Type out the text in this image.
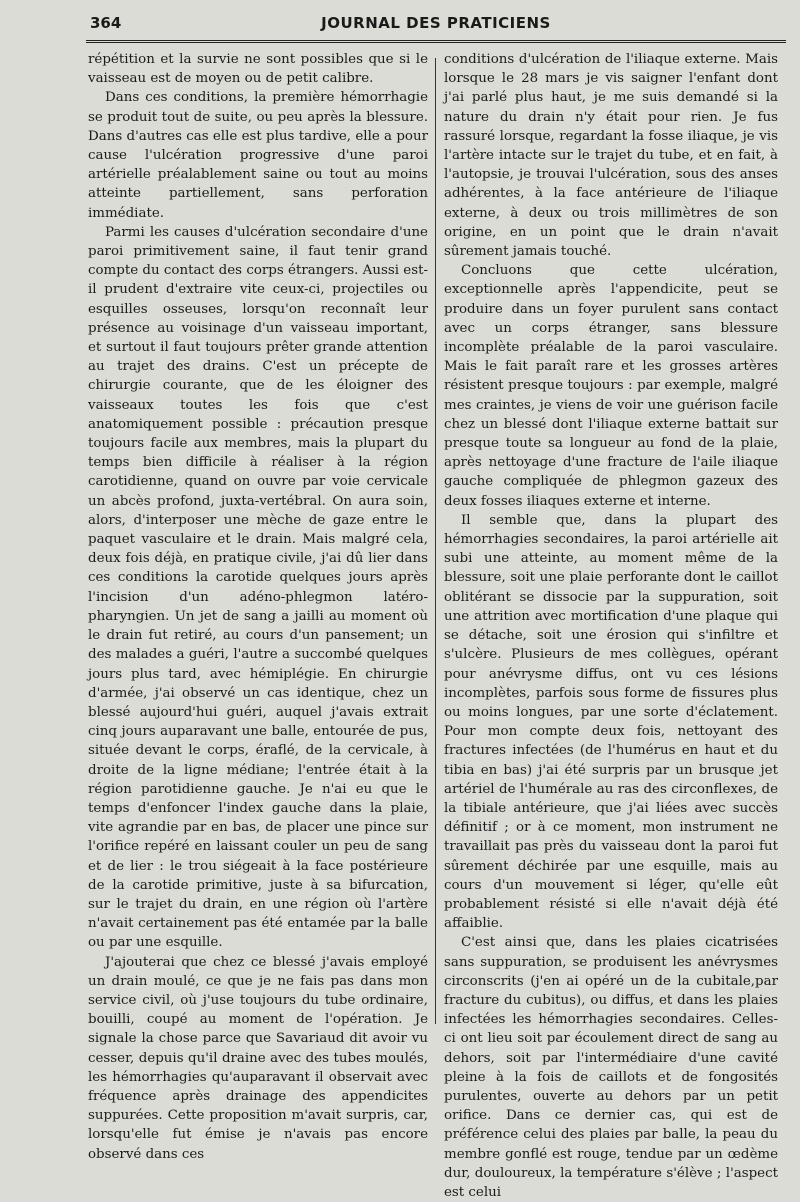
364	JOURNAL DES PRATICIENS

répétition et la survie ne sont possibles que si le vaisseau est de moyen ou de petit calibre.

Dans ces conditions, la première hémorrhagie se produit tout de suite, ou peu après la blessure. Dans d'autres cas elle est plus tardive, elle a pour cause l'ulcération progressive d'une paroi artérielle préalablement saine ou tout au moins atteinte partiellement, sans perforation immédiate.

Parmi les causes d'ulcération secondaire d'une paroi primitivement saine, il faut tenir grand compte du contact des corps étrangers. Aussi est-il prudent d'extraire vite ceux-ci, projectiles ou esquilles osseuses, lorsqu'on reconnaît leur présence au voisinage d'un vaisseau important, et surtout il faut toujours prêter grande attention au trajet des drains. C'est un précepte de chirurgie courante, que de les éloigner des vaisseaux toutes les fois que c'est anatomiquement possible : précaution presque toujours facile aux membres, mais la plupart du temps bien difficile à réaliser à la région carotidienne, quand on ouvre par voie cervicale un abcès profond, juxta-vertébral. On aura soin, alors, d'interposer une mèche de gaze entre le paquet vasculaire et le drain. Mais malgré cela, deux fois déjà, en pratique civile, j'ai dû lier dans ces conditions la carotide quelques jours après l'incision d'un adéno-phlegmon latéro-pharyngien. Un jet de sang a jailli au moment où le drain fut retiré, au cours d'un pansement; un des malades a guéri, l'autre a succombé quelques jours plus tard, avec hémiplégie. En chirurgie d'armée, j'ai observé un cas identique, chez un blessé aujourd'hui guéri, auquel j'avais extrait cinq jours auparavant une balle, entourée de pus, située devant le corps, éraflé, de la cervicale, à droite de la ligne médiane; l'entrée était à la région parotidienne gauche. Je n'ai eu que le temps d'enfoncer l'index gauche dans la plaie, vite agrandie par en bas, de placer une pince sur l'orifice repéré en laissant couler un peu de sang et de lier : le trou siégeait à la face postérieure de la carotide primitive, juste à sa bifurcation, sur le trajet du drain, en une région où l'artère n'avait certainement pas été entamée par la balle ou par une esquille.

J'ajouterai que chez ce blessé j'avais employé un drain moulé, ce que je ne fais pas dans mon service civil, où j'use toujours du tube ordinaire, bouilli, coupé au moment de l'opération. Je signale la chose parce que Savariaud dit avoir vu cesser, depuis qu'il draine avec des tubes moulés, les hémorrhagies qu'auparavant il observait avec fréquence après drainage des appendicites suppurées. Cette proposition m'avait surpris, car, lorsqu'elle fut émise je n'avais pas encore observé dans ces

conditions d'ulcération de l'iliaque externe. Mais lorsque le 28 mars je vis saigner l'enfant dont j'ai parlé plus haut, je me suis demandé si la nature du drain n'y était pour rien. Je fus rassuré lorsque, regardant la fosse iliaque, je vis l'artère intacte sur le trajet du tube, et en fait, à l'autopsie, je trouvai l'ulcération, sous des anses adhérentes, à la face antérieure de l'iliaque externe, à deux ou trois millimètres de son origine, en un point que le drain n'avait sûrement jamais touché.

Concluons que cette ulcération, exceptionnelle après l'appendicite, peut se produire dans un foyer purulent sans contact avec un corps étranger, sans blessure incomplète préalable de la paroi vasculaire. Mais le fait paraît rare et les grosses artères résistent presque toujours : par exemple, malgré mes craintes, je viens de voir une guérison facile chez un blessé dont l'iliaque externe battait sur presque toute sa longueur au fond de la plaie, après nettoyage d'une fracture de l'aile iliaque gauche compliquée de phlegmon gazeux des deux fosses iliaques externe et interne.

Il semble que, dans la plupart des hémorrhagies secondaires, la paroi artérielle ait subi une atteinte, au moment même de la blessure, soit une plaie perforante dont le caillot oblitérant se dissocie par la suppuration, soit une attrition avec mortification d'une plaque qui se détache, soit une érosion qui s'infiltre et s'ulcère. Plusieurs de mes collègues, opérant pour anévrysme diffus, ont vu ces lésions incomplètes, parfois sous forme de fissures plus ou moins longues, par une sorte d'éclatement. Pour mon compte deux fois, nettoyant des fractures infectées (de l'humérus en haut et du tibia en bas) j'ai été surpris par un brusque jet artériel de l'humérale au ras des circonflexes, de la tibiale antérieure, que j'ai liées avec succès définitif ; or à ce moment, mon instrument ne travaillait pas près du vaisseau dont la paroi fut sûrement déchirée par une esquille, mais au cours d'un mouvement si léger, qu'elle eût probablement résisté si elle n'avait déjà été affaiblie.

C'est ainsi que, dans les plaies cicatrisées sans suppuration, se produisent les anévrysmes circonscrits (j'en ai opéré un de la cubitale,par fracture du cubitus), ou diffus, et dans les plaies infectées les hémorrhagies secondaires. Celles-ci ont lieu soit par écoulement direct de sang au dehors, soit par l'intermédiaire d'une cavité pleine à la fois de caillots et de fongosités purulentes, ouverte au dehors par un petit orifice. Dans ce dernier cas, qui est de préférence celui des plaies par balle, la peau du membre gonflé est rouge, tendue par un œdème dur, douloureux, la température s'élève ; l'aspect est celui
